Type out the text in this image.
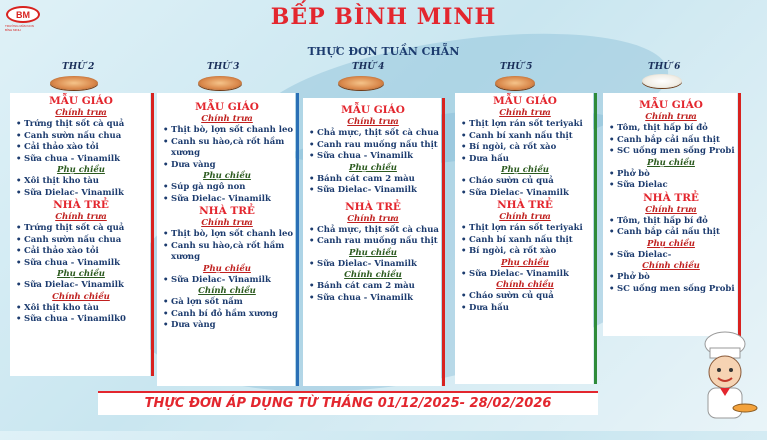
BM
TRƯỜNG MẦM NON BÌNH MINH	BẾP BÌNH MINH
THỰC ĐƠN TUẦN CHẴN
THỨ 2	THỨ 3	THỨ 4	THỨ 5	THỨ 6
MẪU GIÁO
Chính trưa
• Trứng thịt sốt cà quả
• Canh sườn nấu chua
• Cải thảo xào tỏi
• Sữa chua - Vinamilk
Phụ chiều
• Xôi thịt kho tàu
• Sữa Dielac- Vinamilk
NHÀ TRẺ
Chính trưa
• Trứng thịt sốt cà quả
• Canh sườn nấu chua
• Cải thảo xào tỏi
• Sữa chua - Vinamilk
Phụ chiều
• Sữa Dielac- Vinamilk
Chính chiều
• Xôi thịt kho tàu
• Sữa chua - Vinamilk0
MẪU GIÁO
Chính trưa
• Thịt bò, lợn sốt chanh leo
• Canh su hào,cà rốt hầm xương
• Dưa vàng
Phụ chiều
• Súp gà ngô non
• Sữa Dielac- Vinamilk
NHÀ TRẺ
Chính trưa
• Thịt bò, lợn sốt chanh leo
• Canh su hào,cà rốt hầm xương
Phụ chiều
• Sữa Dielac- Vinamilk
Chính chiều
• Gà lợn sốt nấm
• Canh bí đỏ hầm xương
• Dưa vàng
MẪU GIÁO
Chính trưa
• Chả mực, thịt sốt cà chua
• Canh rau muống nấu thịt
• Sữa chua - Vinamilk
Phụ chiều
• Bánh cát cam 2 màu
• Sữa Dielac- Vinamilk
NHÀ TRẺ
Chính trưa
• Chả mực, thịt sốt cà chua
• Canh rau muống nấu thịt
Phụ chiều
• Sữa Dielac- Vinamilk
Chính chiều
• Bánh cát cam 2 màu
• Sữa chua - Vinamilk
MẪU GIÁO
Chính trưa
• Thịt lợn rán sốt teriyaki
• Canh bí xanh nấu thịt
• Bí ngòi, cà rốt xào
• Dưa hấu
Phụ chiều
• Cháo sườn củ quả
• Sữa Dielac- Vinamilk
NHÀ TRẺ
Chính trưa
• Thịt lợn rán sốt teriyaki
• Canh bí xanh nấu thịt
• Bí ngòi, cà rốt xào
Phụ chiều
• Sữa Dielac- Vinamilk
Chính chiều
• Cháo sườn củ quả
• Dưa hấu
MẪU GIÁO
Chính trưa
• Tôm, thịt hấp bí đỏ
• Canh bắp cải nấu thịt
• SC uống men sống Probi
Phụ chiều
• Phở bò
• Sữa Dielac
NHÀ TRẺ
Chính trưa
• Tôm, thịt hấp bí đỏ
• Canh bắp cải nấu thịt
Phụ chiều
• Sữa Dielac-
Chính chiều
• Phở bò
• SC uống men sống Probi
THỰC ĐƠN ÁP DỤNG TỪ THÁNG 01/12/2025- 28/02/2026
